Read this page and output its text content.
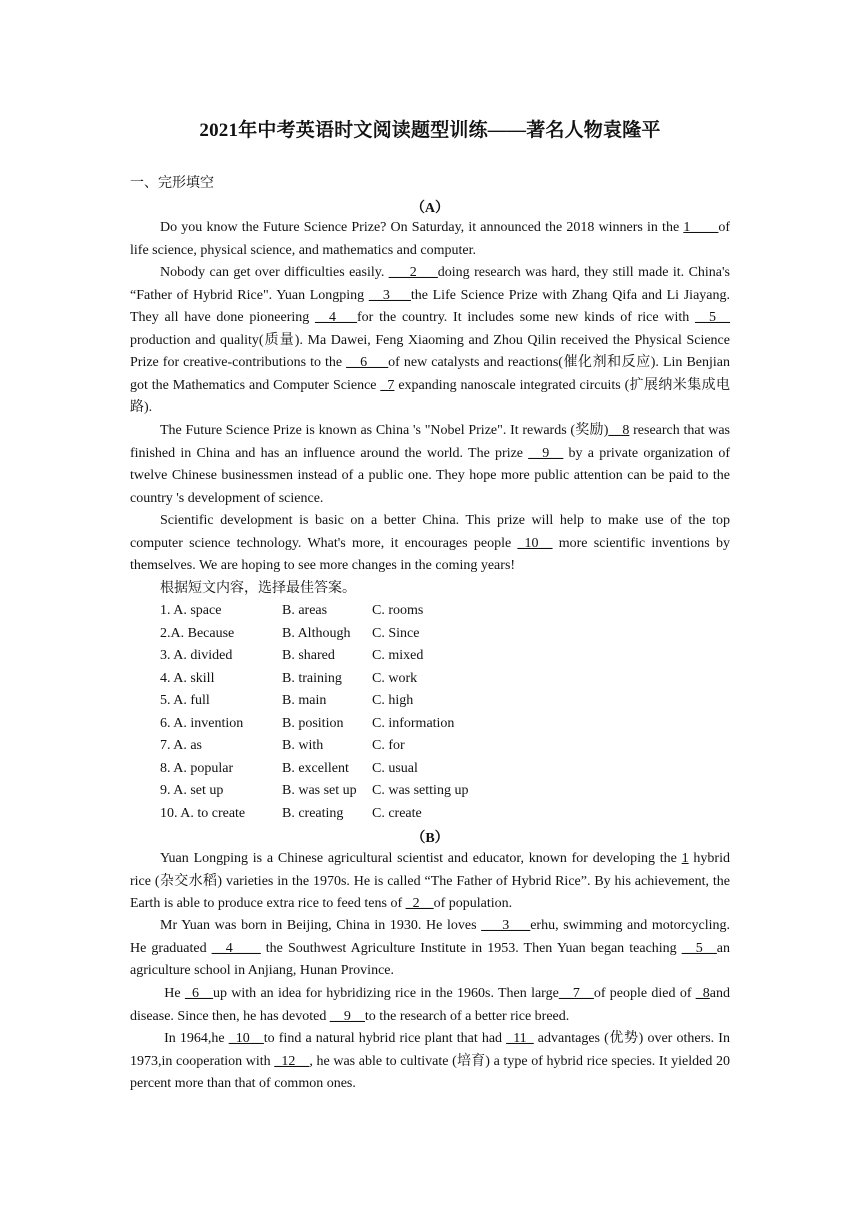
2021年中考英语时文阅读题型训练——著名人物袁隆平
一、完形填空
（A）

Do you know the Future Science Prize? On Saturday, it announced the 2018 winners in the 1____of life science, physical science, and mathematics and computer.

Nobody can get over difficulties easily. ___2___doing research was hard, they still made it. China's “Father of Hybrid Rice". Yuan Longping __3___the Life Science Prize with Zhang Qifa and Li Jiayang. They all have done pioneering __4___for the country. It includes some new kinds of rice with __5__ production and quality(质量). Ma Dawei, Feng Xiaoming and Zhou Qilin received the Physical Science Prize for creative-contributions to the __6___of new catalysts and reactions(催化剂和反应). Lin Benjian got the Mathematics and Computer Science _7 expanding nanoscale integrated circuits (扩展纳米集成电路).

The Future Science Prize is known as China 's "Nobel Prize". It rewards (奖励)__8 research that was finished in China and has an influence around the world. The prize __9__ by a private organization of twelve Chinese businessmen instead of a public one. They hope more public attention can be paid to the country 's development of science.

Scientific development is basic on a better China. This prize will help to make use of the top computer science technology. What's more, it encourages people _10__ more scientific inventions by themselves. We are hoping to see more changes in the coming years!

根据短文内容，选择最佳答案。
1. A. space	B. areas	C. rooms
2.A. Because	B. Although	C. Since
3. A. divided	B. shared	C. mixed
4. A. skill	B. training	C. work
5. A. full	B. main	C. high
6. A. invention	B. position	C. information
7. A. as	B. with	C. for
8. A. popular	B. excellent	C. usual
9. A. set up	B. was set up	C. was setting up
10. A. to create	B. creating	C. create
（B）

Yuan Longping is a Chinese agricultural scientist and educator, known for developing the 1 hybrid rice (杂交水稻) varieties in the 1970s. He is called “The Father of Hybrid Rice”. By his achievement, the Earth is able to produce extra rice to feed tens of _2__of population.

Mr Yuan was born in Beijing, China in 1930. He loves ___3___erhu, swimming and motorcycling. He graduated __4____ the Southwest Agriculture Institute in 1953. Then Yuan began teaching __5__an agriculture school in Anjiang, Hunan Province.

He _6__up with an idea for hybridizing rice in the 1960s. Then large__7__of people died of _8and disease. Since then, he has devoted __9__to the research of a better rice breed.

In 1964,he _10__to find a natural hybrid rice plant that had _11_ advantages (优势) over others. In 1973,in cooperation with _12__, he was able to cultivate (培育) a type of hybrid rice species. It yielded 20 percent more than that of common ones.
